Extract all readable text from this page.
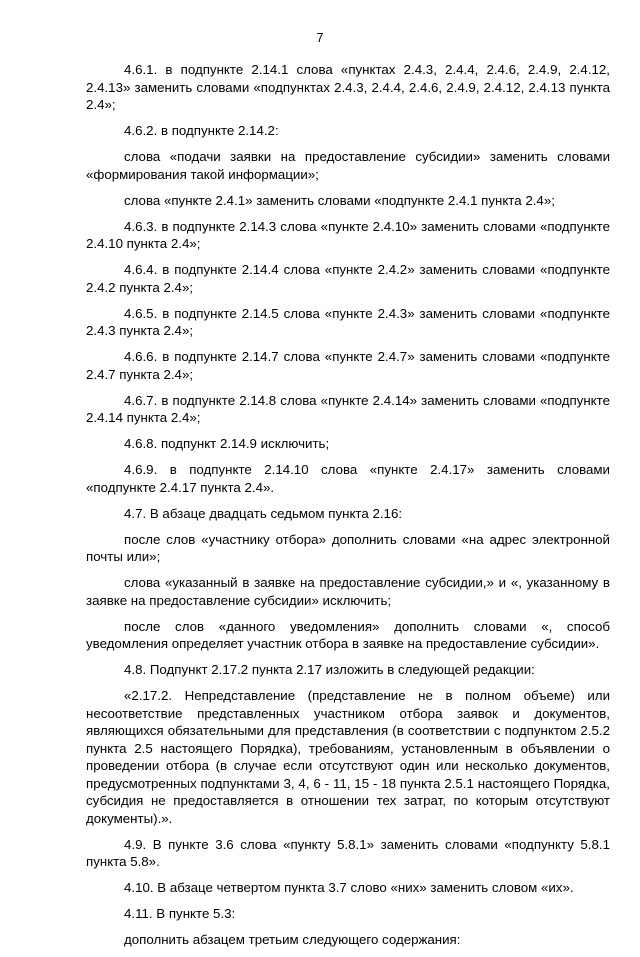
7

4.6.1. в подпункте 2.14.1 слова «пунктах 2.4.3, 2.4.4, 2.4.6, 2.4.9, 2.4.12, 2.4.13» заменить словами «подпунктах 2.4.3, 2.4.4, 2.4.6, 2.4.9, 2.4.12, 2.4.13 пункта 2.4»;

4.6.2. в подпункте 2.14.2:

слова «подачи заявки на предоставление субсидии» заменить словами «формирования такой информации»;

слова «пункте 2.4.1» заменить словами «подпункте 2.4.1 пункта 2.4»;

4.6.3. в подпункте 2.14.3 слова «пункте 2.4.10» заменить словами «подпункте 2.4.10 пункта 2.4»;

4.6.4. в подпункте 2.14.4 слова «пункте 2.4.2» заменить словами «подпункте 2.4.2 пункта 2.4»;

4.6.5. в подпункте 2.14.5 слова «пункте 2.4.3» заменить словами «подпункте 2.4.3 пункта 2.4»;

4.6.6. в подпункте 2.14.7 слова «пункте 2.4.7» заменить словами «подпункте 2.4.7 пункта 2.4»;

4.6.7. в подпункте 2.14.8 слова «пункте 2.4.14» заменить словами «подпункте 2.4.14 пункта 2.4»;

4.6.8. подпункт 2.14.9 исключить;

4.6.9. в подпункте 2.14.10 слова «пункте 2.4.17» заменить словами «подпункте 2.4.17 пункта 2.4».

4.7. В абзаце двадцать седьмом пункта 2.16:

после слов «участнику отбора» дополнить словами «на адрес электронной почты или»;

слова «указанный в заявке на предоставление субсидии,» и «, указанному в заявке на предоставление субсидии» исключить;

после слов «данного уведомления» дополнить словами «, способ уведомления определяет участник отбора в заявке на предоставление субсидии».

4.8. Подпункт 2.17.2 пункта 2.17 изложить в следующей редакции:

«2.17.2. Непредставление (представление не в полном объеме) или несоответствие представленных участником отбора заявок и документов, являющихся обязательными для представления (в соответствии с подпунктом 2.5.2 пункта 2.5 настоящего Порядка), требованиям, установленным в объявлении о проведении отбора (в случае если отсутствуют один или несколько документов, предусмотренных подпунктами 3, 4, 6 - 11, 15 - 18 пункта 2.5.1 настоящего Порядка, субсидия не предоставляется в отношении тех затрат, по которым отсутствуют документы).».

4.9. В пункте 3.6 слова «пункту 5.8.1» заменить словами «подпункту 5.8.1 пункта 5.8».

4.10. В абзаце четвертом пункта 3.7 слово «них» заменить словом «их».

4.11. В пункте 5.3:

дополнить абзацем третьим следующего содержания:
